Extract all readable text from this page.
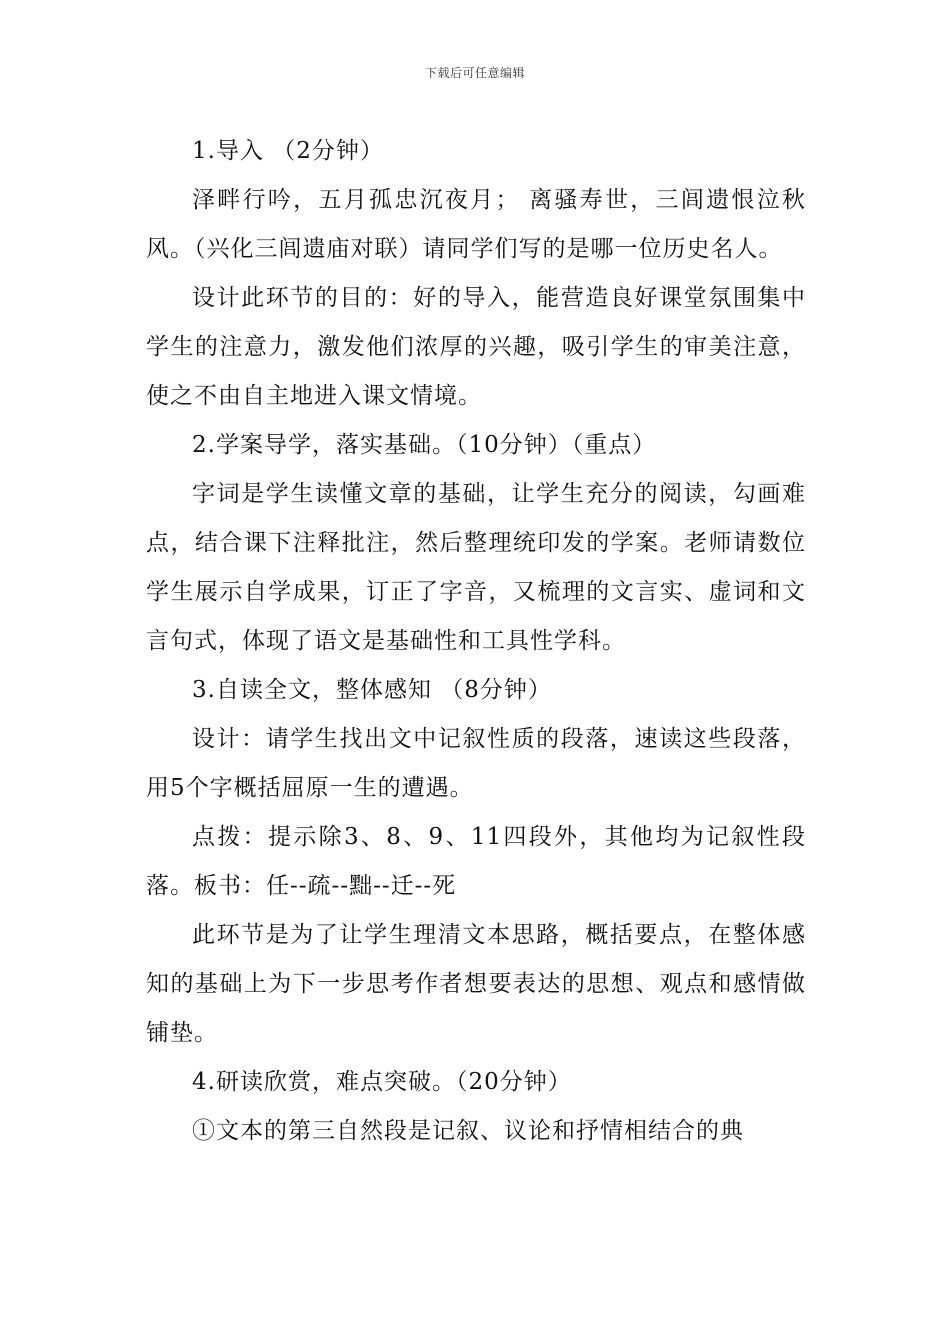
下载后可任意编辑

1.导入 （2分钟）

泽畔行吟，五月孤忠沉夜月； 离骚寿世，三闾遗恨泣秋风。（兴化三闾遗庙对联）请同学们写的是哪一位历史名人。

设计此环节的目的：好的导入，能营造良好课堂氛围集中学生的注意力，激发他们浓厚的兴趣，吸引学生的审美注意，使之不由自主地进入课文情境。

2.学案导学，落实基础。（10分钟）（重点）

字词是学生读懂文章的基础，让学生充分的阅读，勾画难点，结合课下注释批注，然后整理统印发的学案。老师请数位学生展示自学成果，订正了字音，又梳理的文言实、虚词和文言句式，体现了语文是基础性和工具性学科。

3.自读全文，整体感知 （8分钟）

设计：请学生找出文中记叙性质的段落，速读这些段落，用5个字概括屈原一生的遭遇。

点拨：提示除3、8、9、11四段外，其他均为记叙性段落。板书：任--疏--黜--迁--死

此环节是为了让学生理清文本思路，概括要点，在整体感知的基础上为下一步思考作者想要表达的思想、观点和感情做铺垫。

4.研读欣赏，难点突破。（20分钟）

①文本的第三自然段是记叙、议论和抒情相结合的典
